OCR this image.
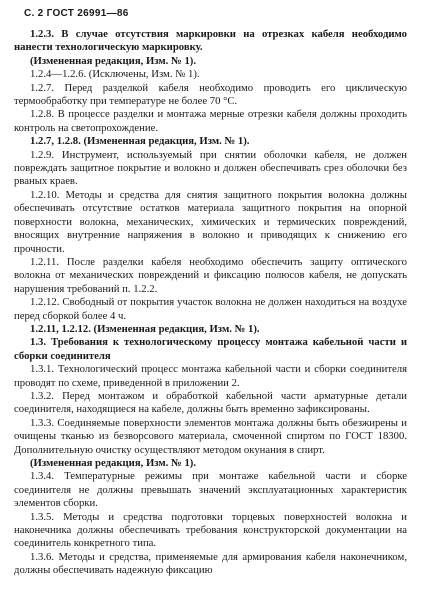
С. 2 ГОСТ 26991—86

1.2.3. В случае отсутствия маркировки на отрезках кабеля необходимо нанести технологическую маркировку.

(Измененная редакция, Изм. № 1).

1.2.4—1.2.6. (Исключены, Изм. № 1).

1.2.7. Перед разделкой кабеля необходимо проводить его циклическую термообработку при температуре не более 70 °С.

1.2.8. В процессе разделки и монтажа мерные отрезки кабеля должны проходить контроль на светопрохождение.

1.2.7, 1.2.8. (Измененная редакция, Изм. № 1).

1.2.9. Инструмент, используемый при снятии оболочки кабеля, не должен повреждать защитное покрытие и волокно и должен обеспечивать срез оболочки без рваных краев.

1.2.10. Методы и средства для снятия защитного покрытия волокна должны обеспечивать отсутствие остатков материала защитного покрытия на опорной поверхности волокна, механических, химических и термических повреждений, вносящих внутренние напряжения в волокно и приводящих к снижению его прочности.

1.2.11. После разделки кабеля необходимо обеспечить защиту оптического волокна от механических повреждений и фиксацию полюсов кабеля, не допускать нарушения требований п. 1.2.2.

1.2.12. Свободный от покрытия участок волокна не должен находиться на воздухе перед сборкой более 4 ч.

1.2.11, 1.2.12. (Измененная редакция, Изм. № 1).

1.3. Требования к технологическому процессу монтажа кабельной части и сборки соединителя

1.3.1. Технологический процесс монтажа кабельной части и сборки соединителя проводят по схеме, приведенной в приложении 2.

1.3.2. Перед монтажом и обработкой кабельной части арматурные детали соединителя, находящиеся на кабеле, должны быть временно зафиксированы.

1.3.3. Соединяемые поверхности элементов монтажа должны быть обезжирены и очищены тканью из безворсового материала, смоченной спиртом по ГОСТ 18300. Дополнительную очистку осуществляют методом окунания в спирт.

(Измененная редакция, Изм. № 1).

1.3.4. Температурные режимы при монтаже кабельной части и сборке соединителя не должны превышать значений эксплуатационных характеристик элементов сборки.

1.3.5. Методы и средства подготовки торцевых поверхностей волокна и наконечника должны обеспечивать требования конструкторской документации на соединитель конкретного типа.

1.3.6. Методы и средства, применяемые для армирования кабеля наконечником, должны обеспечивать надежную фиксацию
